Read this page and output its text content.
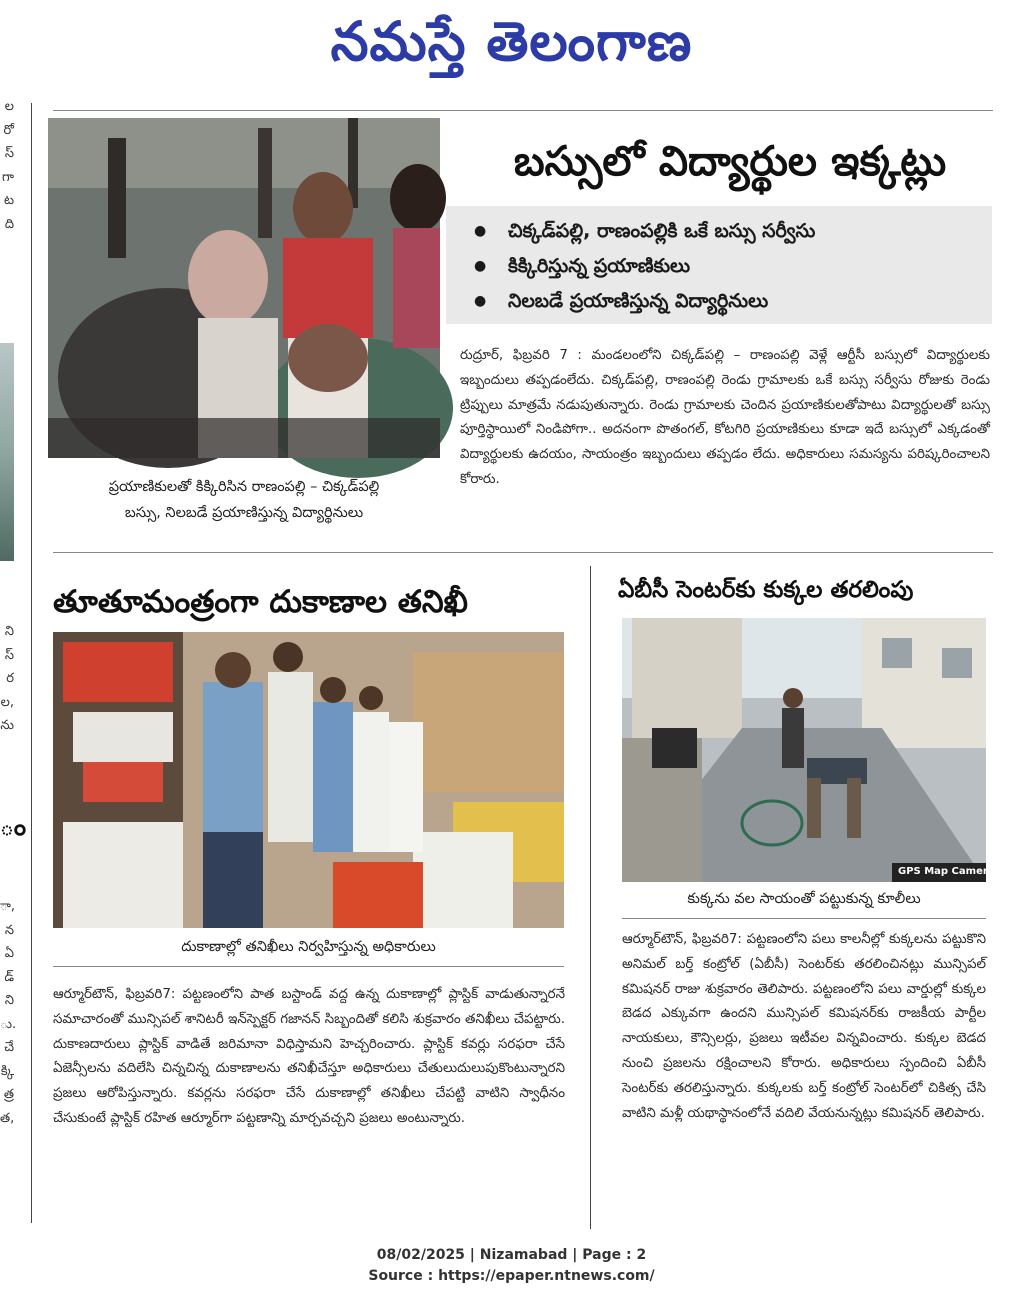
నమస్తే తెలంగాణ
ల
రో
స్
గా
ట
ది
ని
స్
ర
ల,
ను
ం
ా,
న
ఏ
డ్
ని
ు.
చే
క్కి
త్ర
త,
ప్రయాణికులతో కిక్కిరిసిన రాణంపల్లి – చిక్కడ్‌పల్లి
బస్సు, నిలబడే ప్రయాణిస్తున్న విద్యార్థినులు
బస్సులో విద్యార్థుల ఇక్కట్లు
● చిక్కడ్‌పల్లి, రాణంపల్లికి ఒకే బస్సు సర్వీసు
● కిక్కిరిస్తున్న ప్రయాణికులు
● నిలబడే ప్రయాణిస్తున్న విద్యార్థినులు
రుద్రూర్, ఫిబ్రవరి 7 : మండలంలోని చిక్కడ్‌పల్లి – రాణంపల్లి వెళ్లే ఆర్టీసీ బస్సులో విద్యార్థులకు ఇబ్బందులు తప్పడంలేదు. చిక్కడ్‌పల్లి, రాణంపల్లి రెండు గ్రామాలకు ఒకే బస్సు సర్వీసు రోజుకు రెండు ట్రిప్పులు మాత్రమే నడుపుతున్నారు. రెండు గ్రామాలకు చెందిన ప్రయాణికులతోపాటు విద్యార్థులతో బస్సు పూర్తిస్థాయిలో నిండిపోగా.. అదనంగా పొతంగల్, కోటగిరి ప్రయాణికులు కూడా ఇదే బస్సులో ఎక్కడంతో విద్యార్థులకు ఉదయం, సాయంత్రం ఇబ్బందులు తప్పడం లేదు. అధికారులు సమస్యను పరిష్కరించాలని కోరారు.
తూతూమంత్రంగా దుకాణాల తనిఖీ
దుకాణాల్లో తనిఖీలు నిర్వహిస్తున్న అధికారులు
ఆర్మూర్‌టౌన్, ఫిబ్రవరి7: పట్టణంలోని పాత బస్టాండ్ వద్ద ఉన్న దుకాణాల్లో ప్లాస్టిక్ వాడుతున్నారనే సమాచారంతో మున్సిపల్ శానిటరీ ఇన్‌స్పెక్టర్ గజానన్ సిబ్బందితో కలిసి శుక్రవారం తనిఖీలు చేపట్టారు. దుకాణదారులు ప్లాస్టిక్ వాడితే జరిమానా విధిస్తామని హెచ్చరించారు. ప్లాస్టిక్ కవర్లు సరఫరా చేసే ఏజెన్సీలను వదిలేసి చిన్నచిన్న దుకాణాలను తనిఖీచేస్తూ అధికారులు చేతులుదులుపుకొంటున్నారని ప్రజలు ఆరోపిస్తున్నారు. కవర్లను సరఫరా చేసే దుకాణాల్లో తనిఖీలు చేపట్టి వాటిని స్వాధీనం చేసుకుంటే ప్లాస్టిక్ రహిత ఆర్మూర్‌గా పట్టణాన్ని మార్చవచ్చని ప్రజలు అంటున్నారు.
ఏబీసీ సెంటర్‌కు కుక్కల తరలింపు
GPS Map Camera
కుక్కను వల సాయంతో పట్టుకున్న కూలీలు
ఆర్మూర్‌టౌన్, ఫిబ్రవరి7: పట్టణంలోని పలు కాలనీల్లో కుక్కలను పట్టుకొని అనిమల్ బర్త్ కంట్రోల్ (ఏబీసీ) సెంటర్‌కు తరలించినట్లు మున్సిపల్ కమిషనర్ రాజు శుక్రవారం తెలిపారు. పట్టణంలోని పలు వార్డుల్లో కుక్కల బెడద ఎక్కువగా ఉందని మున్సిపల్ కమిషనర్‌కు రాజకీయ పార్టీల నాయకులు, కౌన్సిలర్లు, ప్రజలు ఇటీవల విన్నవించారు. కుక్కల బెడద నుంచి ప్రజలను రక్షించాలని కోరారు. అధికారులు స్పందించి ఏబీసీ సెంటర్‌కు తరలిస్తున్నారు. కుక్కలకు బర్త్ కంట్రోల్ సెంటర్‌లో చికిత్స చేసి వాటిని మళ్లీ యథాస్థానంలోనే వదిలి వేయనున్నట్లు కమిషనర్ తెలిపారు.
08/02/2025 | Nizamabad | Page : 2
Source : https://epaper.ntnews.com/
